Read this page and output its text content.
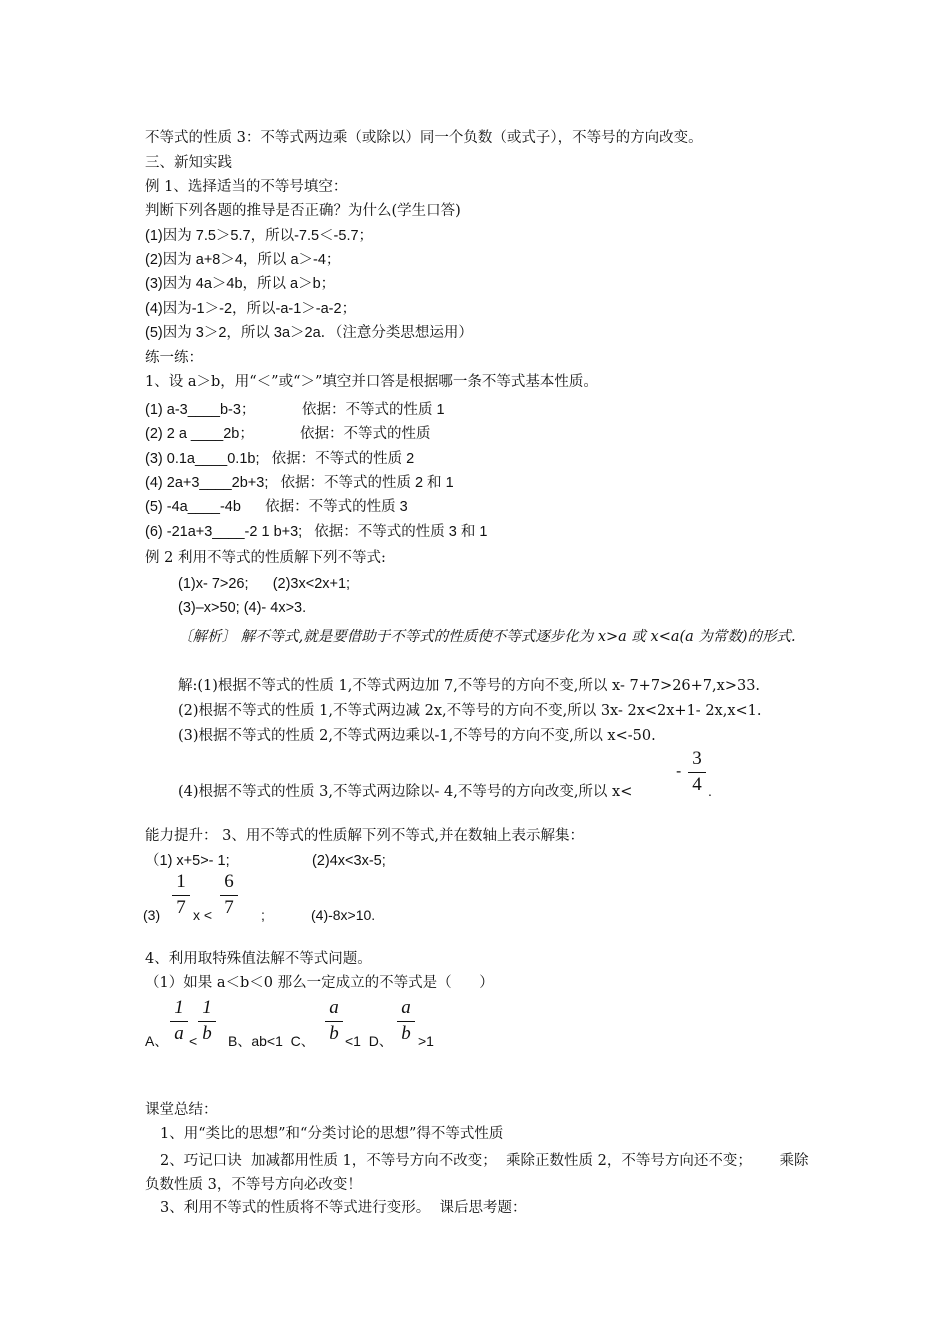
不等式的性质 3：不等式两边乘（或除以）同一个负数（或式子），不等号的方向改变。
三、新知实践
例 1、选择适当的不等号填空：
判断下列各题的推导是否正确？为什么(学生口答)
(1)因为 7.5＞5.7，所以-7.5＜-5.7；
(2)因为 a+8＞4，所以 a＞-4；
(3)因为 4a＞4b，所以 a＞b；
(4)因为-1＞-2，所以-a-1＞-a-2；
(5)因为 3＞2，所以 3a＞2a．（注意分类思想运用）
练一练：
1、设 a＞b，用“＜”或“＞”填空并口答是根据哪一条不等式基本性质。
(1) a-3____b-3；	依据：不等式的性质 1
(2) 2 a ____2b；	依据：不等式的性质
(3) 0.1a____0.1b;   依据：不等式的性质 2
(4) 2a+3____2b+3;   依据：不等式的性质 2 和 1
(5) -4a____-4b      依据：不等式的性质 3
(6) -21a+3____-2 1 b+3;   依据：不等式的性质 3 和 1
例 2 利用不等式的性质解下列不等式:
(1)x- 7>26;      (2)3x<2x+1;
(3)–x>50; (4)- 4x>3.
〔解析〕 解不等式,就是要借助于不等式的性质使不等式逐步化为 x>a 或 x<a(a 为常数)的形式.
解:(1)根据不等式的性质 1,不等式两边加 7,不等号的方向不变,所以 x- 7+7>26+7,x>33.
(2)根据不等式的性质 1,不等式两边减 2x,不等号的方向不变,所以 3x- 2x<2x+1- 2x,x<1.
(3)根据不等式的性质 2,不等式两边乘以-1,不等号的方向不变,所以 x<-50.
-
3
4
(4)根据不等式的性质 3,不等式两边除以- 4,不等号的方向改变,所以 x<	.
能力提升： 3、用不等式的性质解下列不等式,并在数轴上表示解集：
（1) x+5>- 1;	(2)4x<3x-5;
(3)
1
7 x <
6
7	;	(4)-8x>10.
4、利用取特殊值法解不等式问题。
（1）如果 a＜b＜0 那么一定成立的不等式是（      ）
A、
1
a <
1
b	B、ab<1  C、
a
b <1  D、
a
b >1
课堂总结：
1、用“类比的思想”和“分类讨论的思想”得不等式性质
2、巧记口诀  加减都用性质 1，不等号方向不改变；  乘除正数性质 2，不等号方向还不变；      乘除负数性质 3，不等号方向必改变！
3、利用不等式的性质将不等式进行变形。  课后思考题：
